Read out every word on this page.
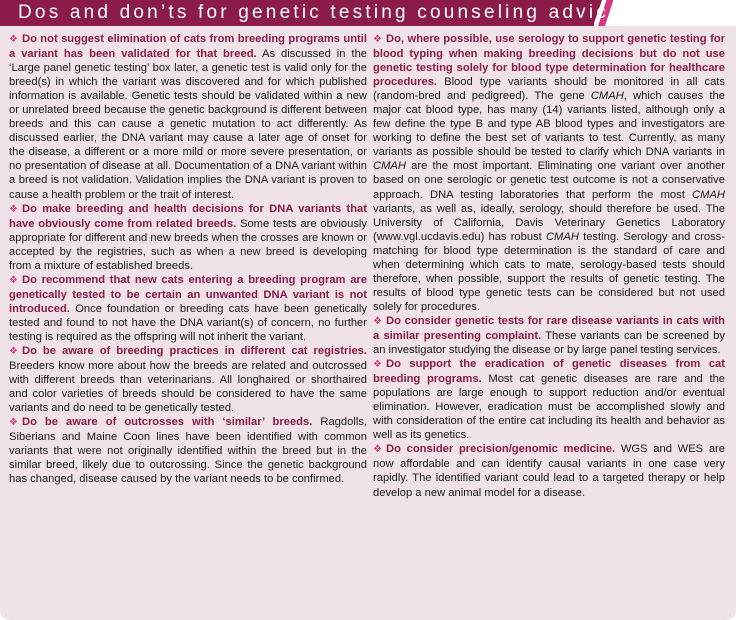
Dos and don’ts for genetic testing counseling advice

❖ Do not suggest elimination of cats from breeding programs until a variant has been validated for that breed. As discussed in the ‘Large panel genetic testing’ box later, a genetic test is valid only for the breed(s) in which the variant was discovered and for which published information is available. Genetic tests should be validated within a new or unrelated breed because the genetic background is different between breeds and this can cause a genetic mutation to act differently. As discussed earlier, the DNA variant may cause a later age of onset for the disease, a different or a more mild or more severe presentation, or no presentation of disease at all. Documentation of a DNA variant within a breed is not validation. Validation implies the DNA variant is proven to cause a health problem or the trait of interest.

❖ Do make breeding and health decisions for DNA variants that have obviously come from related breeds. Some tests are obviously appropriate for different and new breeds when the crosses are known or accepted by the registries, such as when a new breed is developing from a mixture of established breeds.

❖ Do recommend that new cats entering a breeding program are genetically tested to be certain an unwanted DNA variant is not introduced. Once foundation or breeding cats have been genetically tested and found to not have the DNA variant(s) of concern, no further testing is required as the offspring will not inherit the variant.

❖ Do be aware of breeding practices in different cat registries. Breeders know more about how the breeds are related and outcrossed with different breeds than veterinarians. All longhaired or shorthaired and color varieties of breeds should be considered to have the same variants and do need to be genetically tested.

❖ Do be aware of outcrosses with ‘similar’ breeds. Ragdolls, Siberians and Maine Coon lines have been identified with common variants that were not originally identified within the breed but in the similar breed, likely due to outcrossing. Since the genetic background has changed, disease caused by the variant needs to be confirmed.

❖ Do, where possible, use serology to support genetic testing for blood typing when making breeding decisions but do not use genetic testing solely for blood type determination for healthcare procedures. Blood type variants should be monitored in all cats (random-bred and pedigreed). The gene CMAH, which causes the major cat blood type, has many (14) variants listed, although only a few define the type B and type AB blood types and investigators are working to define the best set of variants to test. Currently, as many variants as possible should be tested to clarify which DNA variants in CMAH are the most important. Eliminating one variant over another based on one serologic or genetic test outcome is not a conservative approach. DNA testing laboratories that perform the most CMAH variants, as well as, ideally, serology, should therefore be used. The University of California, Davis Veterinary Genetics Laboratory (www.vgl.ucdavis.edu) has robust CMAH testing. Serology and cross-matching for blood type determination is the standard of care and when determining which cats to mate, serology-based tests should therefore, when possible, support the results of genetic testing. The results of blood type genetic tests can be considered but not used solely for procedures.

❖ Do consider genetic tests for rare disease variants in cats with a similar presenting complaint. These variants can be screened by an investigator studying the disease or by large panel testing services.

❖ Do support the eradication of genetic diseases from cat breeding programs. Most cat genetic diseases are rare and the populations are large enough to support reduction and/or eventual elimination. However, eradication must be accomplished slowly and with consideration of the entire cat including its health and behavior as well as its genetics.

❖ Do consider precision/genomic medicine. WGS and WES are now affordable and can identify causal variants in one case very rapidly. The identified variant could lead to a targeted therapy or help develop a new animal model for a disease.
